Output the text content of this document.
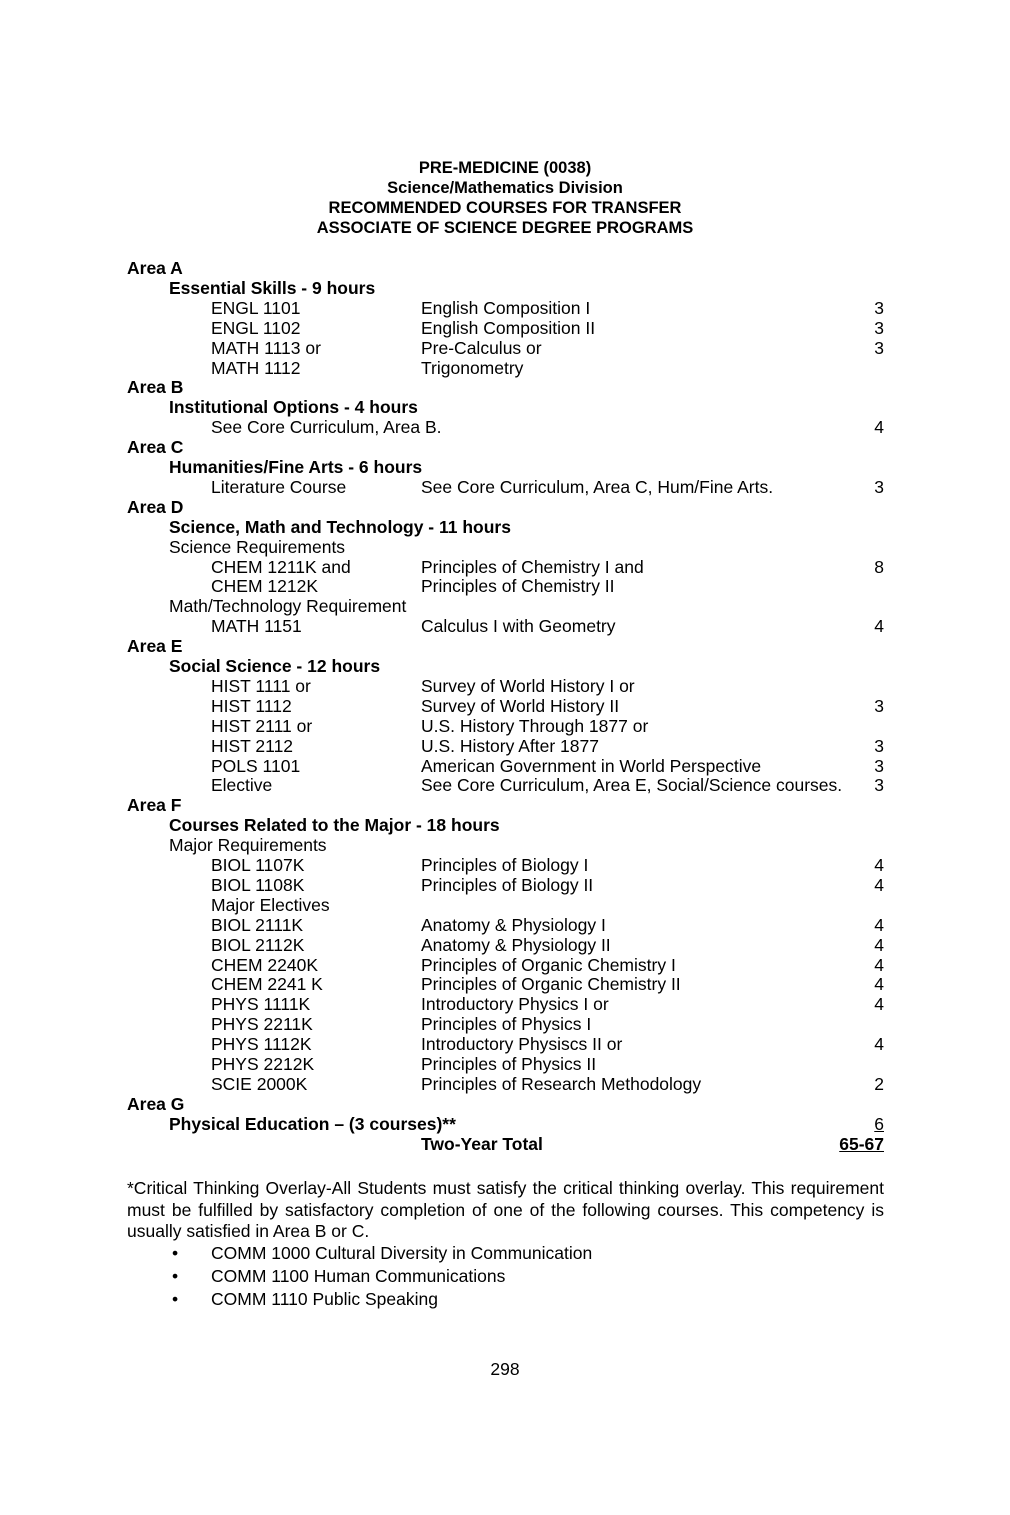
PRE-MEDICINE (0038)
Science/Mathematics Division
RECOMMENDED COURSES FOR TRANSFER
ASSOCIATE OF SCIENCE DEGREE PROGRAMS
Area A
Essential Skills - 9 hours
ENGL 1101	English Composition I	3
ENGL 1102	English Composition II	3
MATH 1113 or	Pre-Calculus or	3
MATH 1112	Trigonometry
Area B
Institutional Options - 4 hours
See Core Curriculum, Area B.	4
Area C
Humanities/Fine Arts - 6 hours
Literature Course	See Core Curriculum, Area C, Hum/Fine Arts.	3
Area D
Science, Math and Technology - 11 hours
Science Requirements
CHEM 1211K and	Principles of Chemistry I and	8
CHEM 1212K	Principles of Chemistry II
Math/Technology Requirement
MATH 1151	Calculus I with Geometry	4
Area E
Social Science - 12 hours
HIST 1111 or	Survey of World History I or
HIST 1112	Survey of World History II	3
HIST 2111 or	U.S. History Through 1877 or
HIST 2112	U.S. History After 1877	3
POLS 1101	American Government in World Perspective	3
Elective	See Core Curriculum, Area E, Social/Science courses. 3
Area F
Courses Related to the Major - 18 hours
Major Requirements
BIOL 1107K	Principles of Biology I	4
BIOL 1108K	Principles of Biology II	4
Major Electives
BIOL 2111K	Anatomy & Physiology I	4
BIOL 2112K	Anatomy & Physiology II	4
CHEM 2240K	Principles of Organic Chemistry I	4
CHEM 2241 K	Principles of Organic Chemistry II	4
PHYS 1111K	Introductory Physics I or	4
PHYS 2211K	Principles of Physics I
PHYS 1112K	Introductory Physiscs II or	4
PHYS 2212K	Principles of Physics II
SCIE 2000K	Principles of Research Methodology	2
Area G
Physical Education – (3 courses)**	6
Two-Year Total	65-67
*Critical Thinking Overlay-All Students must satisfy the critical thinking overlay. This requirement must be fulfilled by satisfactory completion of one of the following courses. This competency is usually satisfied in Area B or C.
• COMM 1000 Cultural Diversity in Communication
• COMM 1100 Human Communications
• COMM 1110 Public Speaking
298
